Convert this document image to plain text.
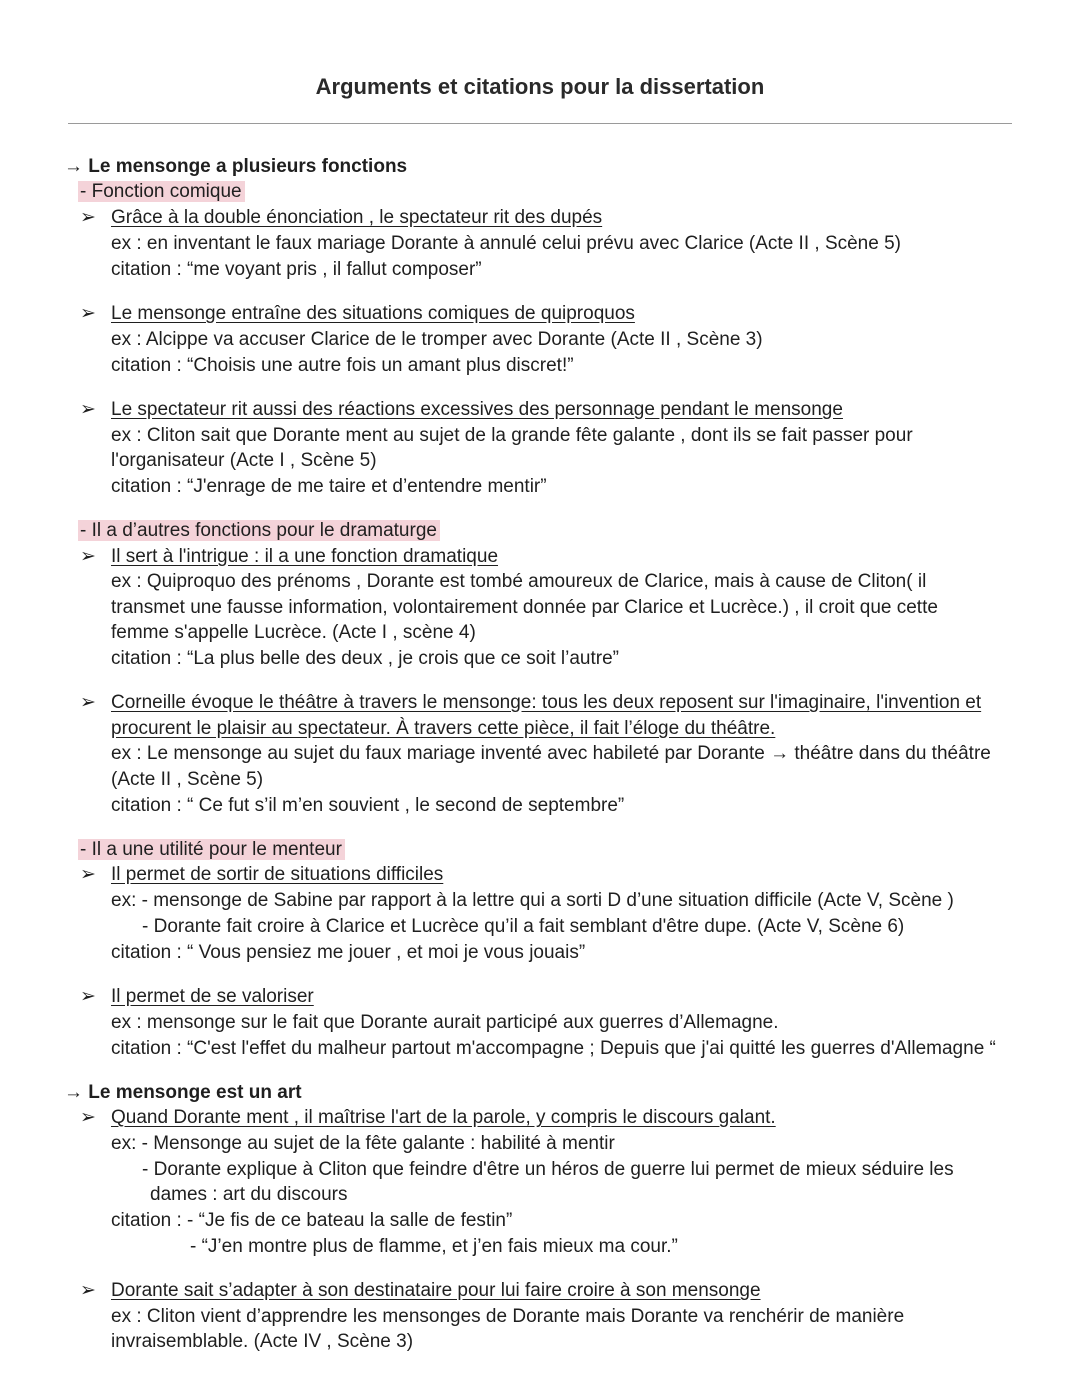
Arguments et citations pour la dissertation
→ Le mensonge a plusieurs fonctions
- Fonction comique
➢ Grâce à la double énonciation , le spectateur rit des dupés
ex : en inventant le faux mariage Dorante à annulé celui prévu avec Clarice (Acte II , Scène 5)
citation : “me voyant pris , il fallut composer”
➢ Le mensonge entraîne des situations comiques de quiproquos
ex : Alcippe va accuser Clarice de le tromper avec Dorante (Acte II , Scène 3)
citation : “Choisis une autre fois un amant plus discret!”
➢ Le spectateur rit aussi des réactions excessives des personnage pendant le mensonge
ex : Cliton sait que Dorante ment au sujet de la grande fête galante , dont ils se fait passer pour
l'organisateur (Acte I , Scène 5)
citation : “J'enrage de me taire et d’entendre mentir”
- Il a d’autres fonctions pour le dramaturge
➢ Il sert à l'intrigue : il a une fonction dramatique
ex : Quiproquo des prénoms , Dorante est tombé amoureux de Clarice, mais à cause de Cliton( il
transmet une fausse information, volontairement donnée par Clarice et Lucrèce.) , il croit que cette
femme s'appelle Lucrèce. (Acte I , scène 4)
citation : “La plus belle des deux , je crois que ce soit l’autre”
➢ Corneille évoque le théâtre à travers le mensonge: tous les deux reposent sur l'imaginaire, l'invention et
procurent le plaisir au spectateur. À travers cette pièce, il fait l’éloge du théâtre.
ex : Le mensonge au sujet du faux mariage inventé avec habileté par Dorante → théâtre dans du théâtre
(Acte II , Scène 5)
citation : “ Ce fut s’il m’en souvient , le second de septembre”
- Il a une utilité pour le menteur
➢ Il permet de sortir de situations difficiles
ex: - mensonge de Sabine par rapport à la lettre qui a sorti D d’une situation difficile (Acte V, Scène )
- Dorante fait croire à Clarice et Lucrèce qu’il a fait semblant d'être dupe. (Acte V, Scène 6)
citation : “ Vous pensiez me jouer , et moi je vous jouais”
➢ Il permet de se valoriser
ex : mensonge sur le fait que Dorante aurait participé aux guerres d’Allemagne.
citation : “C'est l'effet du malheur partout m'accompagne ; Depuis que j'ai quitté les guerres d'Allemagne “
→ Le mensonge est un art
➢ Quand Dorante ment , il maîtrise l'art de la parole, y compris le discours galant.
ex: - Mensonge au sujet de la fête galante : habilité à mentir
- Dorante explique à Cliton que feindre d'être un héros de guerre lui permet de mieux séduire les
dames : art du discours
citation : - “Je fis de ce bateau la salle de festin”
- “J’en montre plus de flamme, et j’en fais mieux ma cour.”
➢ Dorante sait s’adapter à son destinataire pour lui faire croire à son mensonge
ex : Cliton vient d’apprendre les mensonges de Dorante mais Dorante va renchérir de manière
invraisemblable. (Acte IV , Scène 3)
